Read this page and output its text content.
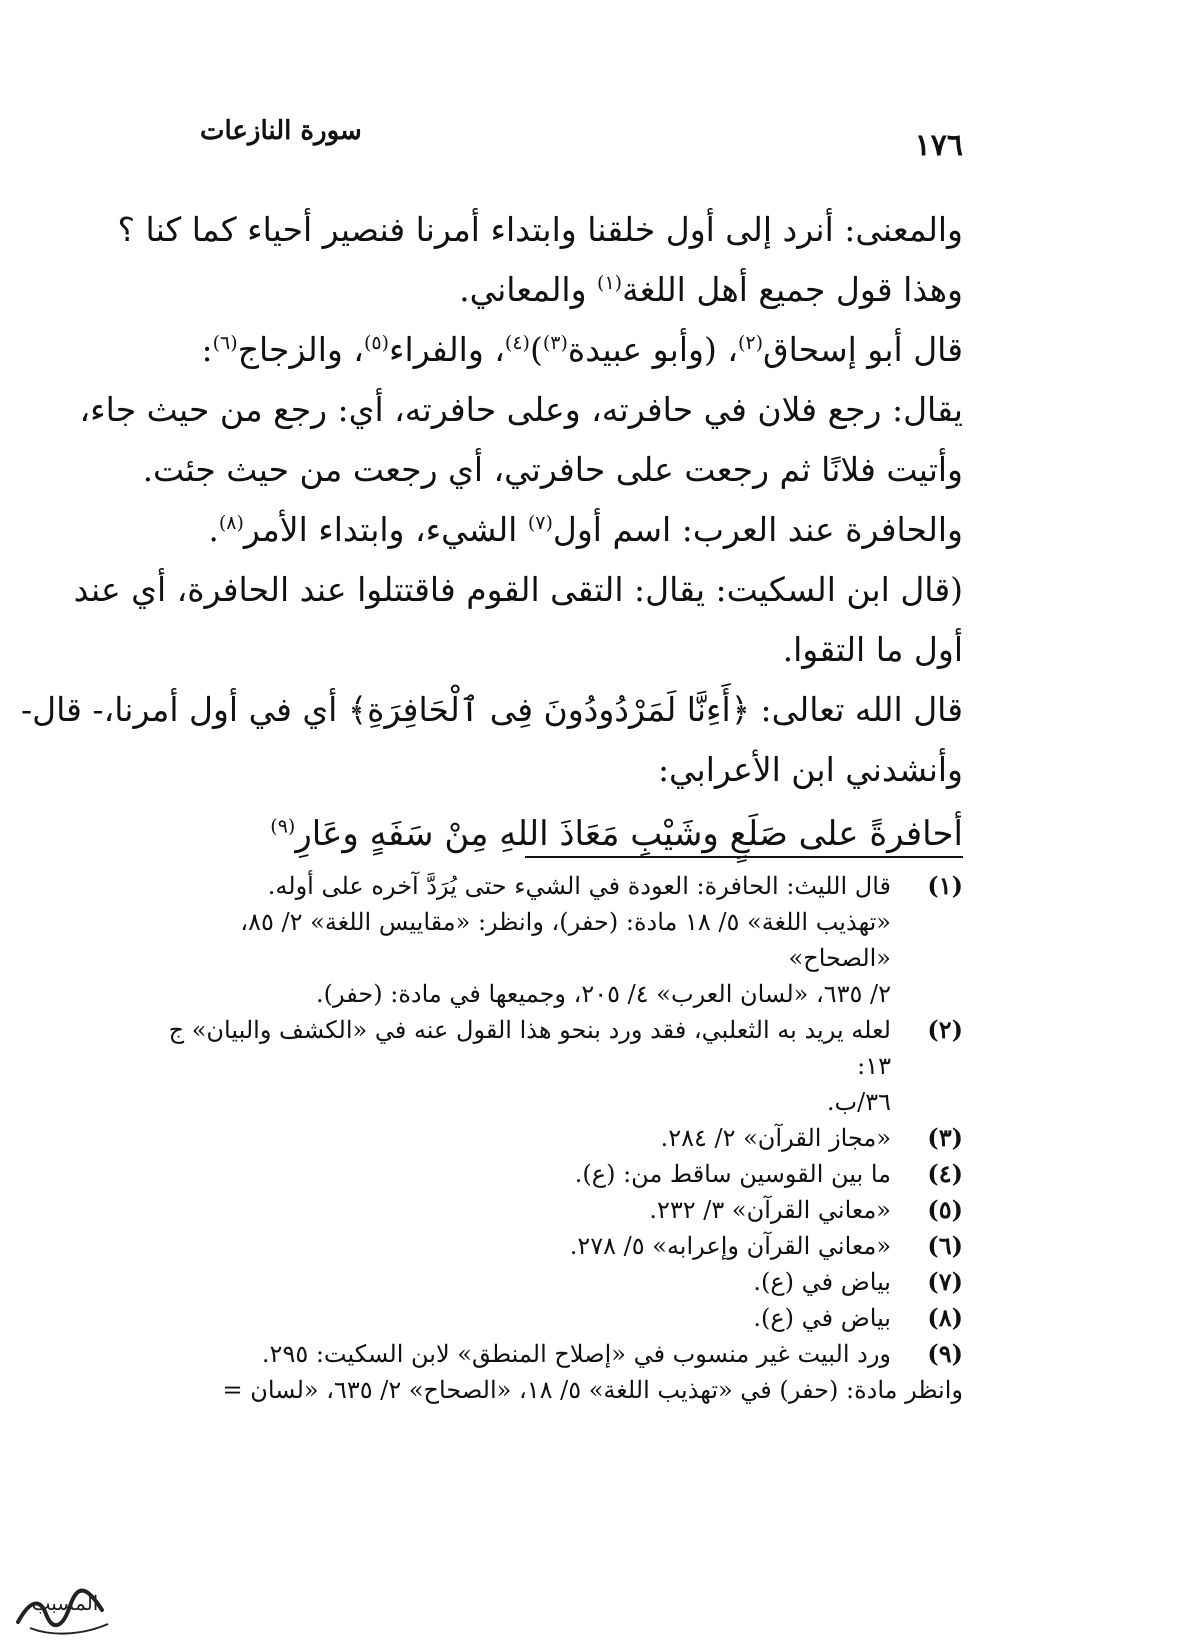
١٧٦
سورة النازعات
والمعنى: أنرد إلى أول خلقنا وابتداء أمرنا فنصير أحياء كما كنا ؟
وهذا قول جميع أهل اللغة$^{(١)}$ والمعاني.
قال أبو إسحاق$^{(٢)}$، (وأبو عبيدة$^{(٣)}$)$^{(٤)}$، والفراء$^{(٥)}$، والزجاج$^{(٦)}$:
يقال: رجع فلان في حافرته، وعلى حافرته، أي: رجع من حيث جاء،
وأتيت فلانًا ثم رجعت على حافرتي، أي رجعت من حيث جئت.
والحافرة عند العرب: اسم أول$^{(٧)}$ الشيء، وابتداء الأمر$^{(٨)}$.
(قال ابن السكيت: يقال: التقى القوم فاقتتلوا عند الحافرة، أي عند
أول ما التقوا.
قال الله تعالى: ﴿أَءِنَّا لَمَرْدُودُونَ فِى ٱلْحَافِرَةِ﴾ أي في أول أمرنا،- قال-
وأنشدني ابن الأعرابي:
أحافرةً على صَلَعٍ وشَيْبِ مَعَاذَ اللهِ مِنْ سَفَهٍ وعَارِ$^{(٩)}$
(١)
قال الليث: الحافرة: العودة في الشيء حتى يُرَدَّ آخره على أوله.
«تهذيب اللغة» ٥/ ١٨ مادة: (حفر)، وانظر: «مقاييس اللغة» ٢/ ٨٥، «الصحاح»
٢/ ٦٣٥، «لسان العرب» ٤/ ٢٠٥، وجميعها في مادة: (حفر).
(٢)
لعله يريد به الثعلبي، فقد ورد بنحو هذا القول عنه في «الكشف والبيان» ج ١٣:
٣٦/ب.
(٣)
«مجاز القرآن» ٢/ ٢٨٤.
(٤)
ما بين القوسين ساقط من: (ع).
(٥)
«معاني القرآن» ٣/ ٢٣٢.
(٦)
«معاني القرآن وإعرابه» ٥/ ٢٧٨.
(٧)
بياض في (ع).
(٨)
بياض في (ع).
(٩)
ورد البيت غير منسوب في «إصلاح المنطق» لابن السكيت: ٢٩٥.
وانظر مادة: (حفر) في «تهذيب اللغة» ٥/ ١٨، «الصحاح» ٢/ ٦٣٥، «لسان =
المسبب
